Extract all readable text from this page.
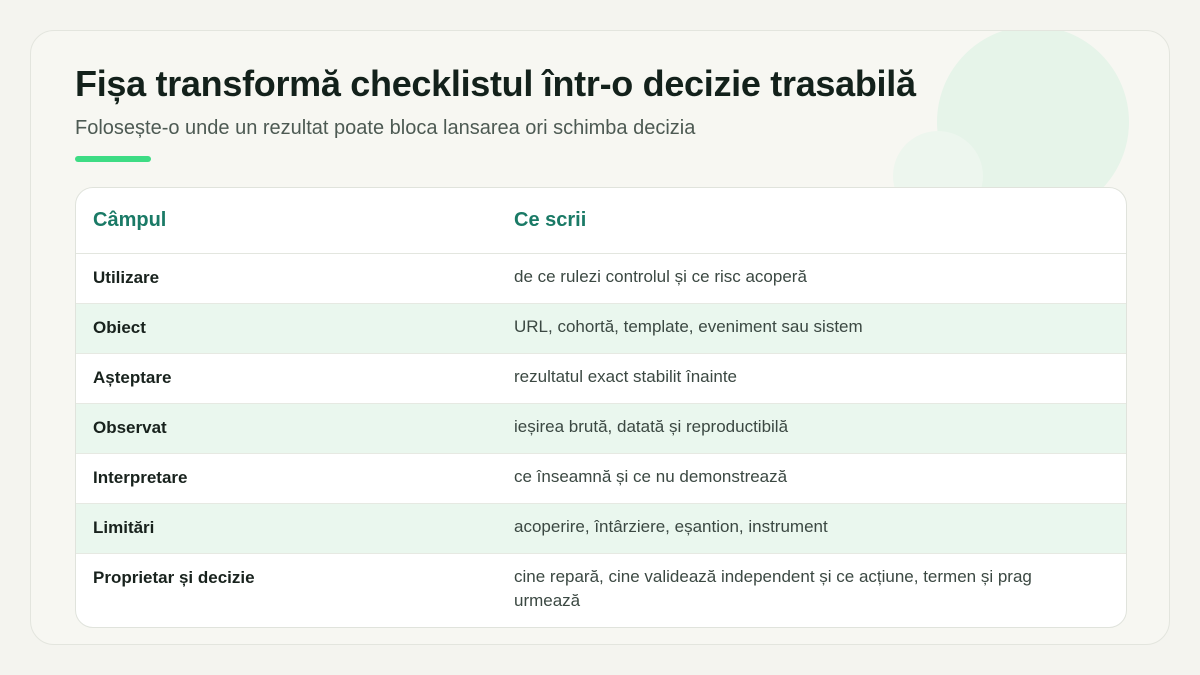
Fișa transformă checklistul într-o decizie trasabilă

Folosește-o unde un rezultat poate bloca lansarea ori schimba decizia

Câmpul	Ce scrii
Utilizare	de ce rulezi controlul și ce risc acoperă
Obiect	URL, cohortă, template, eveniment sau sistem
Așteptare	rezultatul exact stabilit înainte
Observat	ieșirea brută, datată și reproductibilă
Interpretare	ce înseamnă și ce nu demonstrează
Limitări	acoperire, întârziere, eșantion, instrument
Proprietar și decizie	cine repară, cine validează independent și ce acțiune, termen și prag urmează
